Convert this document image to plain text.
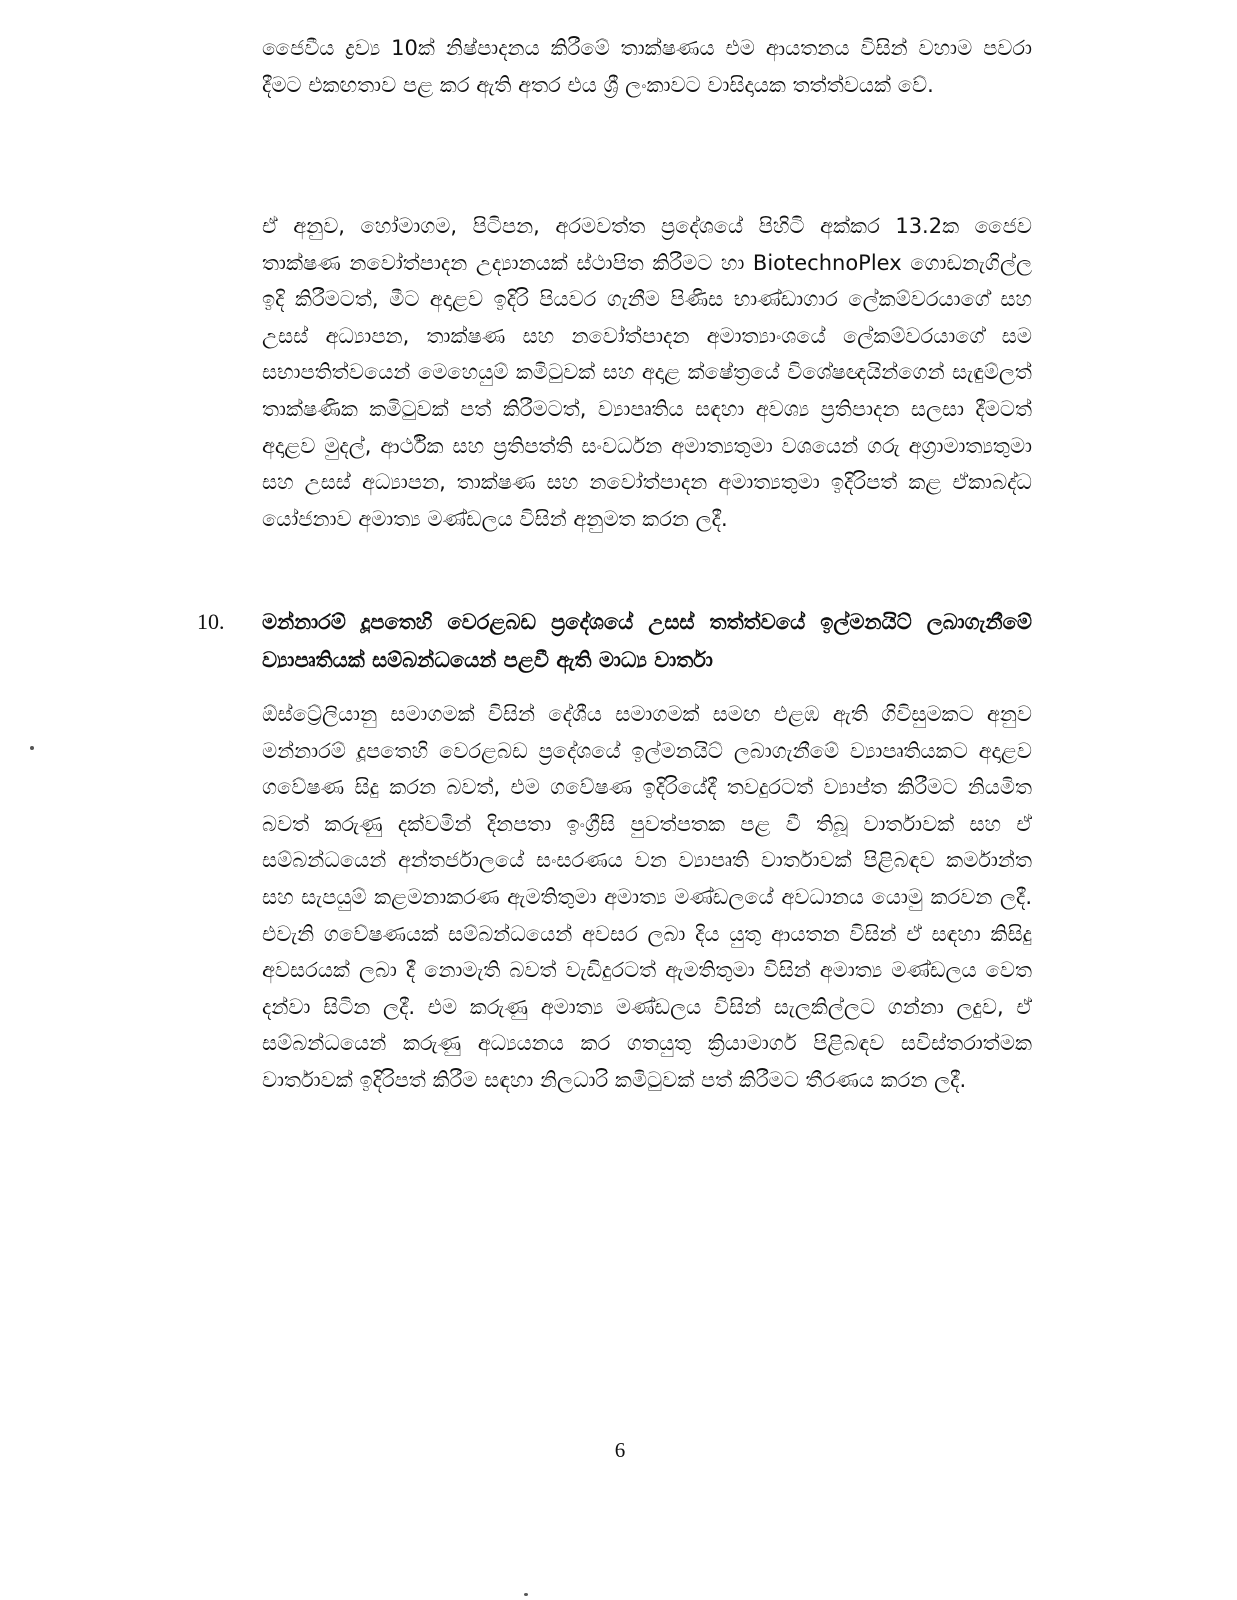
ජෛවීය ද්‍රව්‍ය 10ක් නිෂ්පාදනය කිරීමේ තාක්ෂණය එම ආයතනය විසින් වහාම පවරා දීමට එකඟතාව පළ කර ඇති අතර එය ශ්‍රී ලංකාවට වාසිදායක තත්ත්වයක් වේ.

ඒ අනුව, හෝමාගම, පිටිපන, අරමවත්ත ප්‍රදේශයේ පිහිටි අක්කර 13.2ක ජෛව තාක්ෂණ නවෝත්පාදන උද්‍යානයක් ස්ථාපිත කිරීමට හා BiotechnoPlex ගොඩනැගිල්ල ඉදි කිරීමටත්, මීට අදාළව ඉදිරි පියවර ගැනීම පිණිස භාණ්ඩාගාර ලේකම්වරයාගේ සහ උසස් අධ්‍යාපන, තාක්ෂණ සහ නවෝත්පාදන අමාත්‍යාංශයේ ලේකම්වරයාගේ සම සභාපතිත්වයෙන් මෙහෙයුම් කමිටුවක් සහ අදාළ ක්ෂේත්‍රයේ විශේෂඥයින්ගෙන් සැඳුම්ලත් තාක්ෂණික කමිටුවක් පත් කිරීමටත්, ව්‍යාපෘතිය සඳහා අවශ්‍ය ප්‍රතිපාදන සලසා දීමටත් අදාළව මුදල්, ආර්ථික සහ ප්‍රතිපත්ති සංවර්ධන අමාත්‍යතුමා වශයෙන් ගරු අග්‍රාමාත්‍යතුමා සහ උසස් අධ්‍යාපන, තාක්ෂණ සහ නවෝත්පාදන අමාත්‍යතුමා ඉදිරිපත් කළ ඒකාබද්ධ යෝජනාව අමාත්‍ය මණ්ඩලය විසින් අනුමත කරන ලදී.

10. මන්නාරම් දූපතෙහි වෙරළබඩ ප්‍රදේශයේ උසස් තත්ත්වයේ ඉල්මනයිට් ලබාගැනීමේ ව්‍යාපෘතියක් සම්බන්ධයෙන් පළවී ඇති මාධ්‍ය වාර්තා

ඕස්ට්‍රේලියානු සමාගමක් විසින් දේශීය සමාගමක් සමඟ එළඹ ඇති ගිවිසුමකට අනුව මන්නාරම් දූපතෙහි වෙරළබඩ ප්‍රදේශයේ ඉල්මනයිට් ලබාගැනීමේ ව්‍යාපෘතියකට අදාළව ගවේෂණ සිදු කරන බවත්, එම ගවේෂණ ඉදිරියේදී තවදුරටත් ව්‍යාප්ත කිරීමට නියමිත බවත් කරුණු දක්වමින් දිනපතා ඉංග්‍රීසි පුවත්පතක පළ වී තිබූ වාර්තාවක් සහ ඒ සම්බන්ධයෙන් අන්තර්ජාලයේ සංසරණය වන ව්‍යාපෘති වාර්තාවක් පිළිබඳව කර්මාන්ත සහ සැපයුම් කළමනාකරණ ඇමතිතුමා අමාත්‍ය මණ්ඩලයේ අවධානය යොමු කරවන ලදී. එවැනි ගවේෂණයක් සම්බන්ධයෙන් අවසර ලබා දිය යුතු ආයතන විසින් ඒ සඳහා කිසිදු අවසරයක් ලබා දී නොමැති බවත් වැඩිදුරටත් ඇමතිතුමා විසින් අමාත්‍ය මණ්ඩලය වෙත දන්වා සිටින ලදී. එම කරුණු අමාත්‍ය මණ්ඩලය විසින් සැලකිල්ලට ගන්නා ලදුව, ඒ සම්බන්ධයෙන් කරුණු අධ්‍යයනය කර ගතයුතු ක්‍රියාමාර්ග පිළිබඳව සවිස්තරාත්මක වාර්තාවක් ඉදිරිපත් කිරීම සඳහා නිලධාරි කමිටුවක් පත් කිරීමට තීරණය කරන ලදී.

6
